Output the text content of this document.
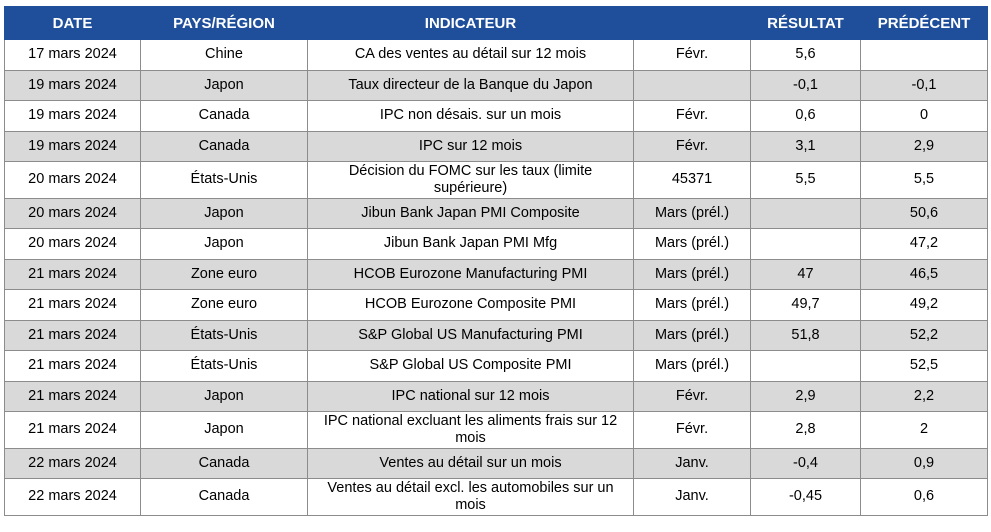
DATE	PAYS/RÉGION	INDICATEUR		RÉSULTAT	PRÉDÉCENT
17 mars 2024	Chine	CA des ventes au détail sur 12 mois	Févr.	5,6	
19 mars 2024	Japon	Taux directeur de la Banque du Japon		-0,1	-0,1
19 mars 2024	Canada	IPC non désais. sur un mois	Févr.	0,6	0
19 mars 2024	Canada	IPC sur 12 mois	Févr.	3,1	2,9
20 mars 2024	États-Unis	Décision du FOMC sur les taux (limite supérieure)	45371	5,5	5,5
20 mars 2024	Japon	Jibun Bank Japan PMI Composite	Mars (prél.)		50,6
20 mars 2024	Japon	Jibun Bank Japan PMI Mfg	Mars (prél.)		47,2
21 mars 2024	Zone euro	HCOB Eurozone Manufacturing PMI	Mars (prél.)	47	46,5
21 mars 2024	Zone euro	HCOB Eurozone Composite PMI	Mars (prél.)	49,7	49,2
21 mars 2024	États-Unis	S&P Global US Manufacturing PMI	Mars (prél.)	51,8	52,2
21 mars 2024	États-Unis	S&P Global US Composite PMI	Mars (prél.)		52,5
21 mars 2024	Japon	IPC national sur 12 mois	Févr.	2,9	2,2
21 mars 2024	Japon	IPC national excluant les aliments frais sur 12 mois	Févr.	2,8	2
22 mars 2024	Canada	Ventes au détail sur un mois	Janv.	-0,4	0,9
22 mars 2024	Canada	Ventes au détail excl. les automobiles sur un mois	Janv.	-0,45	0,6
